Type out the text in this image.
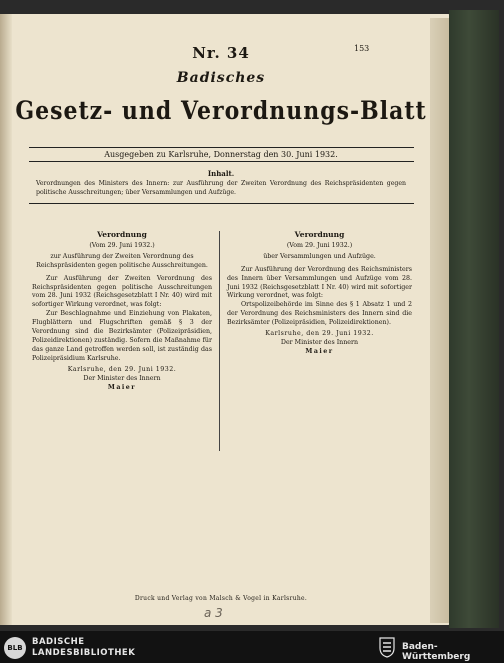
153
Nr. 34
Badisches
Gesetz- und Verordnungs-Blatt
Ausgegeben zu Karlsruhe, Donnerstag den 30. Juni 1932.
Inhalt.
Verordnungen des Ministers des Innern: zur Ausführung der Zweiten Verordnung des Reichspräsidenten gegen politische Ausschreitungen; über Versammlungen und Aufzüge.
Verordnung
(Vom 29. Juni 1932.)
zur Ausführung der Zweiten Verordnung des Reichspräsidenten gegen politische Ausschreitungen.

Zur Ausführung der Zweiten Verordnung des Reichspräsidenten gegen politische Ausschreitungen vom 28. Juni 1932 (Reichsgesetzblatt I Nr. 40) wird mit sofortiger Wirkung verordnet, was folgt:

Zur Beschlagnahme und Einziehung von Plakaten, Flugblättern und Flugschriften gemäß § 3 der Verordnung sind die Bezirksämter (Polizeipräsidien, Polizeidirektionen) zuständig. Sofern die Maßnahme für das ganze Land getroffen werden soll, ist zuständig das Polizeipräsidium Karlsruhe.

Karlsruhe, den 29. Juni 1932.
Der Minister des Innern
Maier
Verordnung
(Vom 29. Juni 1932.)
über Versammlungen und Aufzüge.

Zur Ausführung der Verordnung des Reichsministers des Innern über Versammlungen und Aufzüge vom 28. Juni 1932 (Reichsgesetzblatt I Nr. 40) wird mit sofortiger Wirkung verordnet, was folgt:

Ortspolizeibehörde im Sinne des § 1 Absatz 1 und 2 der Verordnung des Reichsministers des Innern sind die Bezirksämter (Polizeipräsidien, Polizeidirektionen).

Karlsruhe, den 29. Juni 1932.
Der Minister des Innern
Maier
Druck und Verlag von Malsch & Vogel in Karlsruhe.
a 3
BLB
BADISCHE
LANDESBIBLIOTHEK
Baden-Württemberg
